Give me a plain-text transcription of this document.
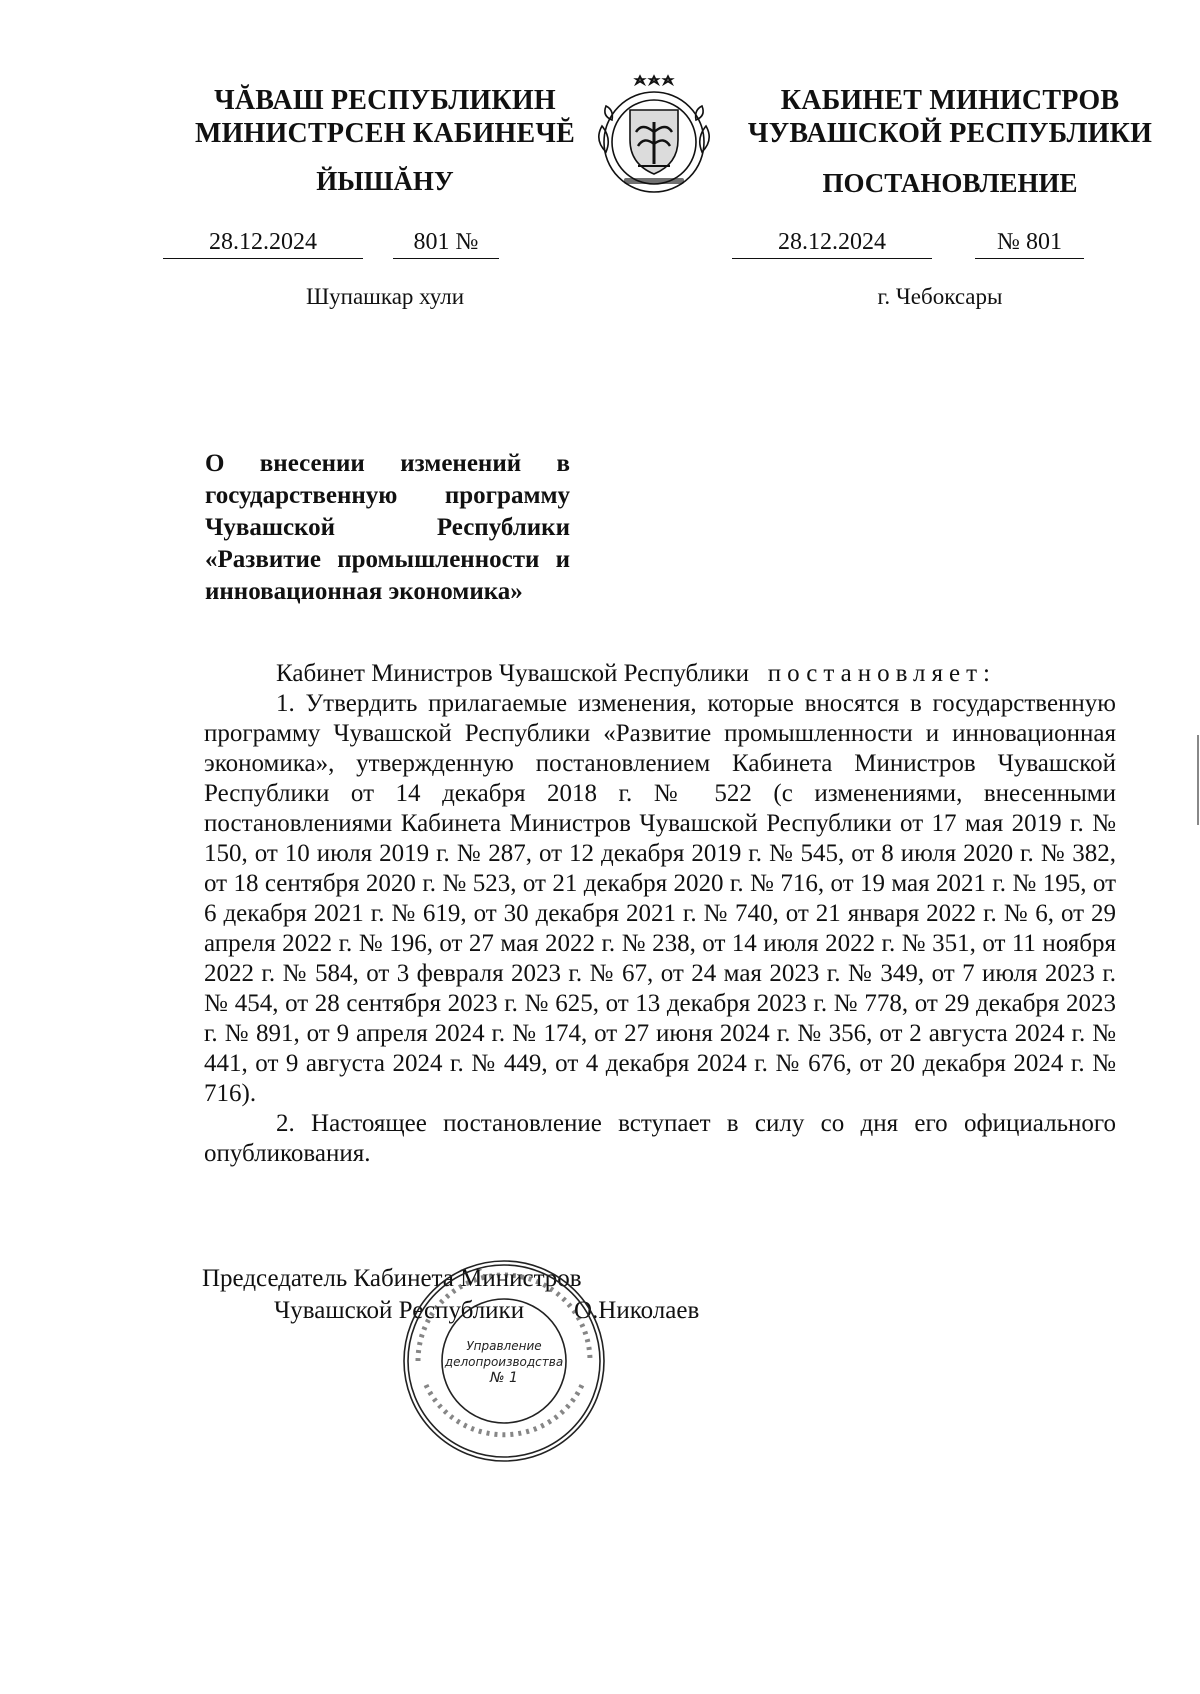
ЧĂВАШ РЕСПУБЛИКИН
МИНИСТРСЕН КАБИНЕЧĔ
ЙЫШĂНУ
КАБИНЕТ МИНИСТРОВ
ЧУВАШСКОЙ РЕСПУБЛИКИ
ПОСТАНОВЛЕНИЕ
28.12.2024	801 №	28.12.2024	№ 801
Шупашкар хули	г. Чебоксары
О внесении изменений в государственную программу Чувашской Республики «Развитие промышленности и инновационная экономика»

Кабинет Министров Чувашской Республики постановляет:

1. Утвердить прилагаемые изменения, которые вносятся в государственную программу Чувашской Республики «Развитие промышленности и инновационная экономика», утвержденную постановлением Кабинета Министров Чувашской Республики от 14 декабря 2018 г. № 522 (с изменениями, внесенными постановлениями Кабинета Министров Чувашской Республики от 17 мая 2019 г. № 150, от 10 июля 2019 г. № 287, от 12 декабря 2019 г. № 545, от 8 июля 2020 г. № 382, от 18 сентября 2020 г. № 523, от 21 декабря 2020 г. № 716, от 19 мая 2021 г. № 195, от 6 декабря 2021 г. № 619, от 30 декабря 2021 г. № 740, от 21 января 2022 г. № 6, от 29 апреля 2022 г. № 196, от 27 мая 2022 г. № 238, от 14 июля 2022 г. № 351, от 11 ноября 2022 г. № 584, от 3 февраля 2023 г. № 67, от 24 мая 2023 г. № 349, от 7 июля 2023 г. № 454, от 28 сентября 2023 г. № 625, от 13 декабря 2023 г. № 778, от 29 декабря 2023 г. № 891, от 9 апреля 2024 г. № 174, от 27 июня 2024 г. № 356, от 2 августа 2024 г. № 441, от 9 августа 2024 г. № 449, от 4 декабря 2024 г. № 676, от 20 декабря 2024 г. № 716).

2. Настоящее постановление вступает в силу со дня его официального опубликования.

Председатель Кабинета Министров
Чувашской Республики О.Николаев
Управление
делопроизводства
№ 1
